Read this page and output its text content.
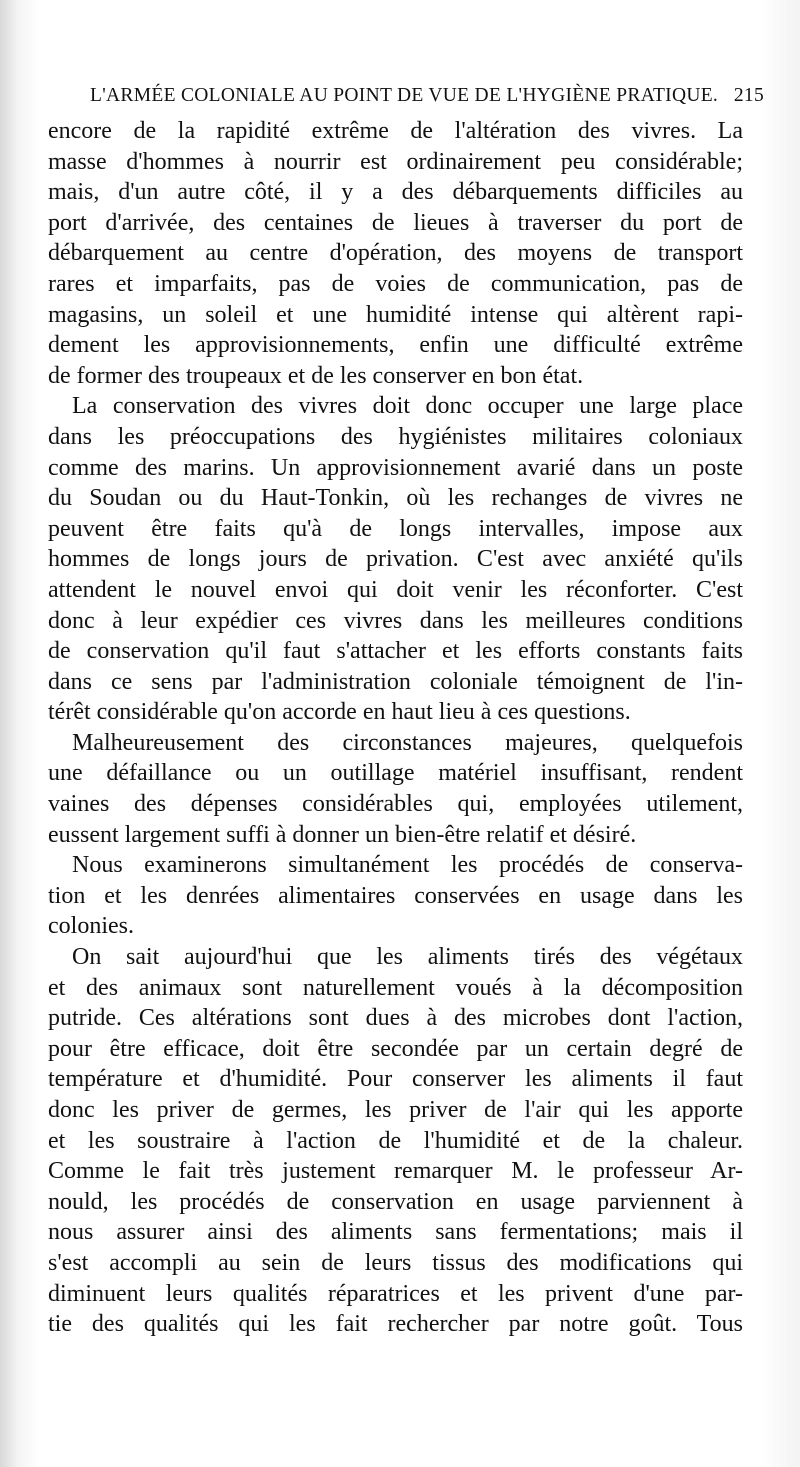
L'ARMÉE COLONIALE AU POINT DE VUE DE L'HYGIÈNE PRATIQUE. 215
encore de la rapidité extrême de l'altération des vivres. La
masse d'hommes à nourrir est ordinairement peu considérable;
mais, d'un autre côté, il y a des débarquements difficiles au
port d'arrivée, des centaines de lieues à traverser du port de
débarquement au centre d'opération, des moyens de transport
rares et imparfaits, pas de voies de communication, pas de
magasins, un soleil et une humidité intense qui altèrent rapi-
dement les approvisionnements, enfin une difficulté extrême
de former des troupeaux et de les conserver en bon état.
La conservation des vivres doit donc occuper une large place
dans les préoccupations des hygiénistes militaires coloniaux
comme des marins. Un approvisionnement avarié dans un poste
du Soudan ou du Haut-Tonkin, où les rechanges de vivres ne
peuvent être faits qu'à de longs intervalles, impose aux
hommes de longs jours de privation. C'est avec anxiété qu'ils
attendent le nouvel envoi qui doit venir les réconforter. C'est
donc à leur expédier ces vivres dans les meilleures conditions
de conservation qu'il faut s'attacher et les efforts constants faits
dans ce sens par l'administration coloniale témoignent de l'in-
térêt considérable qu'on accorde en haut lieu à ces questions.
Malheureusement des circonstances majeures, quelquefois
une défaillance ou un outillage matériel insuffisant, rendent
vaines des dépenses considérables qui, employées utilement,
eussent largement suffi à donner un bien-être relatif et désiré.
Nous examinerons simultanément les procédés de conserva-
tion et les denrées alimentaires conservées en usage dans les
colonies.
On sait aujourd'hui que les aliments tirés des végétaux
et des animaux sont naturellement voués à la décomposition
putride. Ces altérations sont dues à des microbes dont l'action,
pour être efficace, doit être secondée par un certain degré de
température et d'humidité. Pour conserver les aliments il faut
donc les priver de germes, les priver de l'air qui les apporte
et les soustraire à l'action de l'humidité et de la chaleur.
Comme le fait très justement remarquer M. le professeur Ar-
nould, les procédés de conservation en usage parviennent à
nous assurer ainsi des aliments sans fermentations; mais il
s'est accompli au sein de leurs tissus des modifications qui
diminuent leurs qualités réparatrices et les privent d'une par-
tie des qualités qui les fait rechercher par notre goût. Tous
